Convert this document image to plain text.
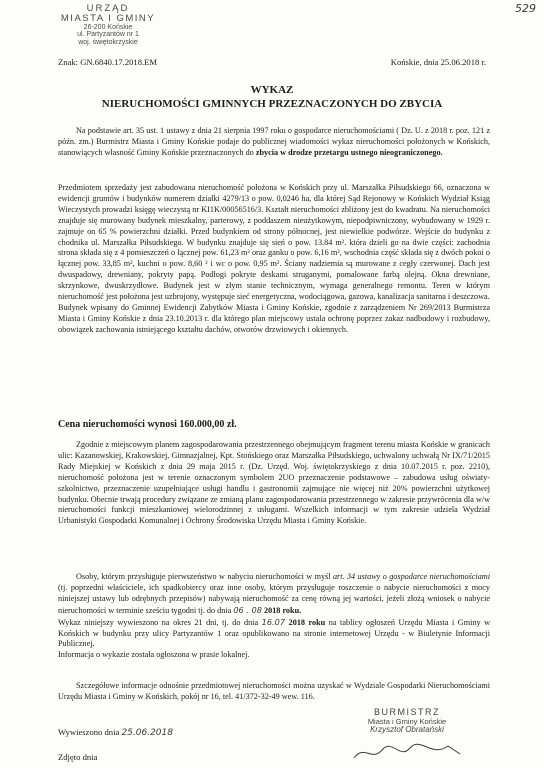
529
URZĄD
MIASTA I GMINY
26-200 Końskie
ul. Partyzantów nr 1
woj. świętokrzyskie
Znak: GN.6840.17.2018.EM	Końskie, dnia 25.06.2018 r.
WYKAZ
NIERUCHOMOŚCI GMINNYCH PRZEZNACZONYCH DO ZBYCIA

Na podstawie art. 35 ust. 1 ustawy z dnia 21 sierpnia 1997 roku o gospodarce nieruchomościami ( Dz. U. z 2018 r. poz. 121 z późn. zm.) Burmistrz Miasta i Gminy Końskie podaje do publicznej wiadomości wykaz nieruchomości położonych w Końskich, stanowiących własność Gminy Końskie przeznaczonych do zbycia w drodze przetargu ustnego nieograniczonego.

Przedmiotem sprzedaży jest zabudowana nieruchomość położona w Końskich przy ul. Marszałka Piłsudskiego 66, oznaczona w ewidencji gruntów i budynków numerem działki 4279/13 o pow. 0,0246 ha, dla której Sąd Rejonowy w Końskich Wydział Ksiąg Wieczystych prowadzi księgę wieczystą nr KI1K/00056516/3. Kształt nieruchomości zbliżony jest do kwadratu. Na nieruchomości znajduje się murowany budynek mieszkalny, parterowy, z poddaszem nieużytkowym, niepodpiwniczony, wybudowany w 1929 r. zajmuje on 65 % powierzchni działki. Przed budynkiem od strony północnej, jest niewielkie podwórze. Wejście do budynku z chodnika ul. Marszałka Piłsudskiego. W budynku znajduje się sień o pow. 13.84 m². która dzieli go na dwie części: zachodnia strona składa się z 4 pomieszczeń o łącznej pow. 61,23 m² oraz ganku o pow. 6,16 m², wschodnia część składa się z dwóch pokoi o łącznej pow. 33,85 m², kuchni o pow. 8,60 ² i wc o pow. 0,95 m². Ściany nadziemia są murowane z cegły czerwonej. Dach jest dwuspadowy, drewniany, pokryty papą. Podłogi pokryte deskami struganymi, pomalowane farbą olejną. Okna drewniane, skrzynkowe, dwuskrzydłowe. Budynek jest w złym stanie technicznym, wymaga generalnego remontu. Teren w którym nieruchomość jest położona jest uzbrojony, występuje sieć energetyczna, wodociągowa, gazowa, kanalizacja sanitarna i deszczowa.

Budynek wpisany do Gminnej Ewidencji Zabytków Miasta i Gminy Końskie, zgodnie z zarządzeniem Nr 269/2013 Burmistrza Miasta i Gminy Końskie z dnia 23.10.2013 r. dla którego plan miejscowy ustala ochronę poprzez zakaz nadbudowy i rozbudowy, obowiązek zachowania istniejącego kształtu dachów, otworów drzwiowych i okiennych.

Cena nieruchomości wynosi 160.000,00 zł.

Zgodnie z miejscowym planem zagospodarowania przestrzennego obejmującym fragment terenu miasta Końskie w granicach ulic: Kazanowskiej, Krakowskiej, Gimnazjalnej, Kpt. Stońskiego oraz Marszałka Piłsudskiego, uchwalony uchwałą Nr IX/71/2015 Rady Miejskiej w Końskich z dnia 29 maja 2015 r. (Dz. Urzęd. Woj. świętokrzyskiego z dnia 10.07.2015 r. poz. 2210), nieruchomość położona jest w terenie oznaczonym symbolem 2UO przeznaczenie podstawowe – zabudowa usług oświaty-szkolnictwo, przeznaczenie uzupełniające usługi handlu i gastronomii zajmujące nie więcej niż 20% powierzchni użytkowej budynku. Obecnie trwają procedury związane ze zmianą planu zagospodarowania przestrzennego w zakresie przywrócenia dla w/w nieruchomości funkcji mieszkaniowej wielorodzinnej z usługami. Wszelkich informacji w tym zakresie udziela Wydział Urbanistyki Gospodarki Komunalnej i Ochrony Środowiska Urzędu Miasta i Gminy Końskie.

Osoby, którym przysługuje pierwszeństwo w nabyciu nieruchomości w myśl art. 34 ustawy o gospodarce nieruchomościami (tj. poprzedni właściciele, ich spadkobiercy oraz inne osoby, którym przysługuje roszczenie o nabycie nieruchomości z mocy niniejszej ustawy lub odrębnych przepisów) nabywają nieruchomość za cenę równą jej wartości, jeżeli złożą wniosek o nabycie nieruchomości w terminie sześciu tygodni tj. do dnia 06 . 08 2018 roku.

Wykaz niniejszy wywieszono na okres 21 dni, tj. do dnia 16.07 2018 roku na tablicy ogłoszeń Urzędu Miasta i Gminy w Końskich w budynku przy ulicy Partyzantów 1 oraz opublikowano na stronie internetowej Urzędu - w Biuletynie Informacji Publicznej.

Informacja o wykazie została ogłoszona w prasie lokalnej.

Szczegółowe informacje odnośnie przedmiotowej nieruchomości można uzyskać w Wydziale Gospodarki Nieruchomościami Urzędu Miasta i Gminy w Końskich, pokój nr 16, tel. 41/372-32-49 wew. 116.

BURMISTRZ
Miasta i Gminy Końskie
Krzysztof Obratański
Wywieszono dnia 25.06.2018
Zdjęto dnia
